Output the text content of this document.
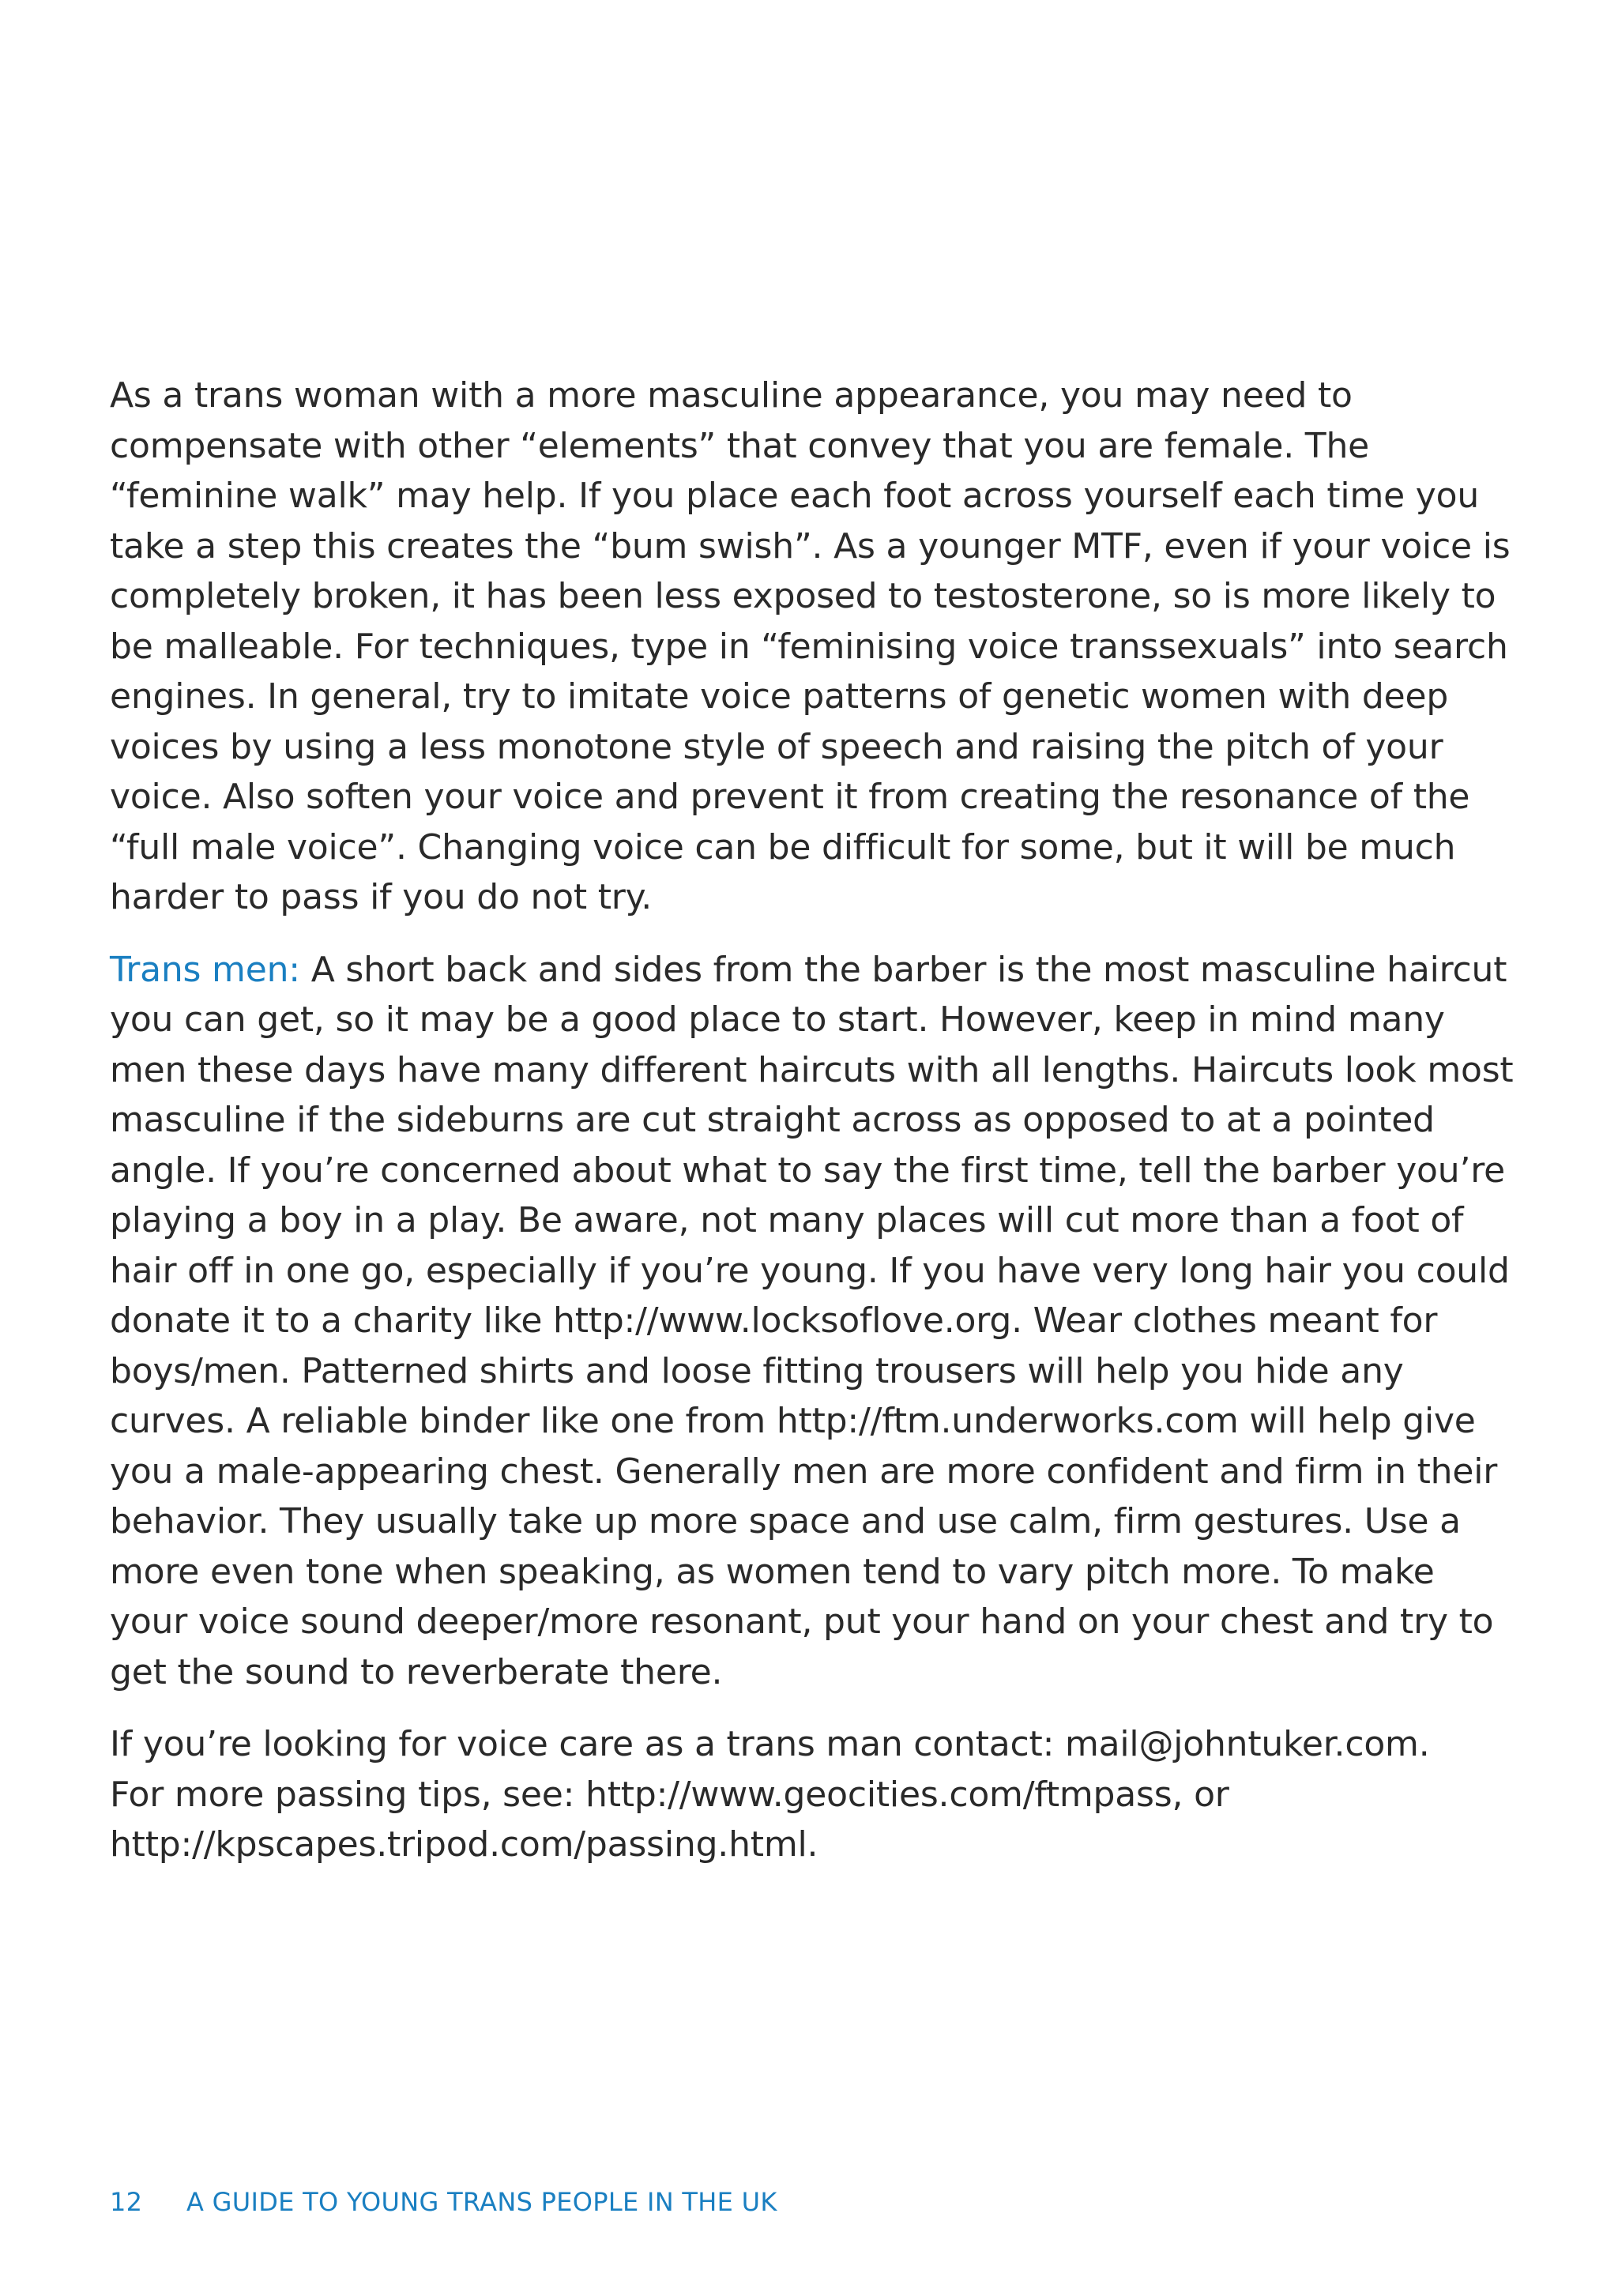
As a trans woman with a more masculine appearance, you may need to compensate with other “elements” that convey that you are female. The “feminine walk” may help. If you place each foot across yourself each time you take a step this creates the “bum swish”. As a younger MTF, even if your voice is completely broken, it has been less exposed to testosterone, so is more likely to be malleable. For techniques, type in “feminising voice transsexuals” into search engines. In general, try to imitate voice patterns of genetic women with deep voices by using a less monotone style of speech and raising the pitch of your voice. Also soften your voice and prevent it from creating the resonance of the “full male voice”. Changing voice can be difficult for some, but it will be much harder to pass if you do not try.

Trans men: A short back and sides from the barber is the most masculine haircut you can get, so it may be a good place to start. However, keep in mind many men these days have many different haircuts with all lengths. Haircuts look most masculine if the sideburns are cut straight across as opposed to at a pointed angle. If you’re concerned about what to say the first time, tell the barber you’re playing a boy in a play. Be aware, not many places will cut more than a foot of hair off in one go, especially if you’re young. If you have very long hair you could donate it to a charity like http://www.locksoflove.org. Wear clothes meant for boys/men. Patterned shirts and loose fitting trousers will help you hide any curves. A reliable binder like one from http://ftm.underworks.com will help give you a male-appearing chest. Generally men are more confident and firm in their behavior. They usually take up more space and use calm, firm gestures. Use a more even tone when speaking, as women tend to vary pitch more. To make your voice sound deeper/more resonant, put your hand on your chest and try to get the sound to reverberate there.

If you’re looking for voice care as a trans man contact: mail@johntuker.com.
For more passing tips, see: http://www.geocities.com/ftmpass, or
http://kpscapes.tripod.com/passing.html.

12 A GUIDE TO YOUNG TRANS PEOPLE IN THE UK
